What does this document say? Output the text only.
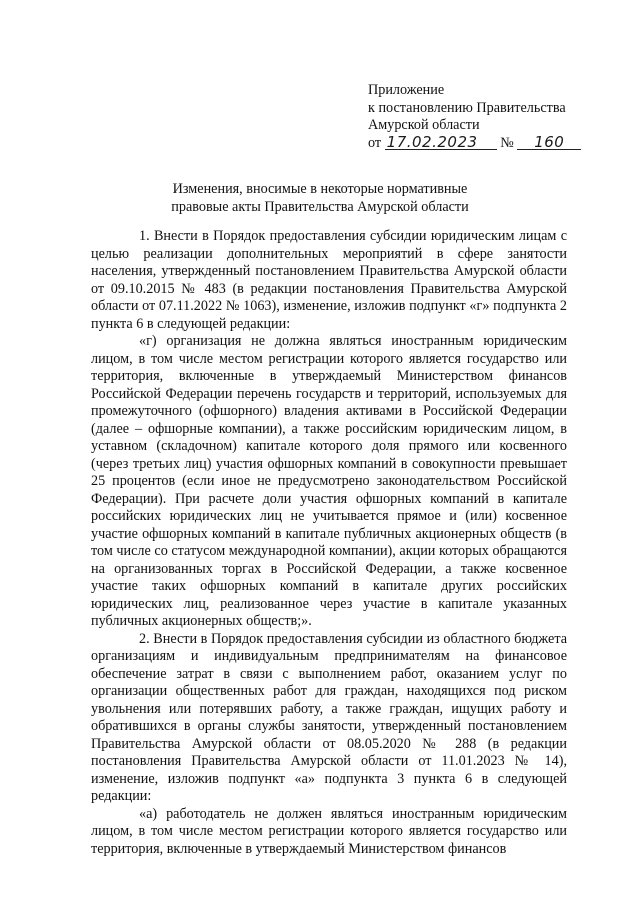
Приложение
к постановлению Правительства
Амурской области
от 17.02.2023 № 160
Изменения, вносимые в некоторые нормативные
правовые акты Правительства Амурской области

1. Внести в Порядок предоставления субсидии юридическим лицам с целью реализации дополнительных мероприятий в сфере занятости населения, утвержденный постановлением Правительства Амурской области от 09.10.2015 № 483 (в редакции постановления Правительства Амурской области от 07.11.2022 № 1063), изменение, изложив подпункт «г» подпункта 2 пункта 6 в следующей редакции:

«г) организация не должна являться иностранным юридическим лицом, в том числе местом регистрации которого является государство или территория, включенные в утверждаемый Министерством финансов Российской Федерации перечень государств и территорий, используемых для промежуточного (офшорного) владения активами в Российской Федерации (далее – офшорные компании), а также российским юридическим лицом, в уставном (складочном) капитале которого доля прямого или косвенного (через третьих лиц) участия офшорных компаний в совокупности превышает 25 процентов (если иное не предусмотрено законодательством Российской Федерации). При расчете доли участия офшорных компаний в капитале российских юридических лиц не учитывается прямое и (или) косвенное участие офшорных компаний в капитале публичных акционерных обществ (в том числе со статусом международной компании), акции которых обращаются на организованных торгах в Российской Федерации, а также косвенное участие таких офшорных компаний в капитале других российских юридических лиц, реализованное через участие в капитале указанных публичных акционерных обществ;».

2. Внести в Порядок предоставления субсидии из областного бюджета организациям и индивидуальным предпринимателям на финансовое обеспечение затрат в связи с выполнением работ, оказанием услуг по организации общественных работ для граждан, находящихся под риском увольнения или потерявших работу, а также граждан, ищущих работу и обратившихся в органы службы занятости, утвержденный постановлением Правительства Амурской области от 08.05.2020 № 288 (в редакции постановления Правительства Амурской области от 11.01.2023 № 14), изменение, изложив подпункт «а» подпункта 3 пункта 6 в следующей редакции:

«а) работодатель не должен являться иностранным юридическим лицом, в том числе местом регистрации которого является государство или территория, включенные в утверждаемый Министерством финансов
